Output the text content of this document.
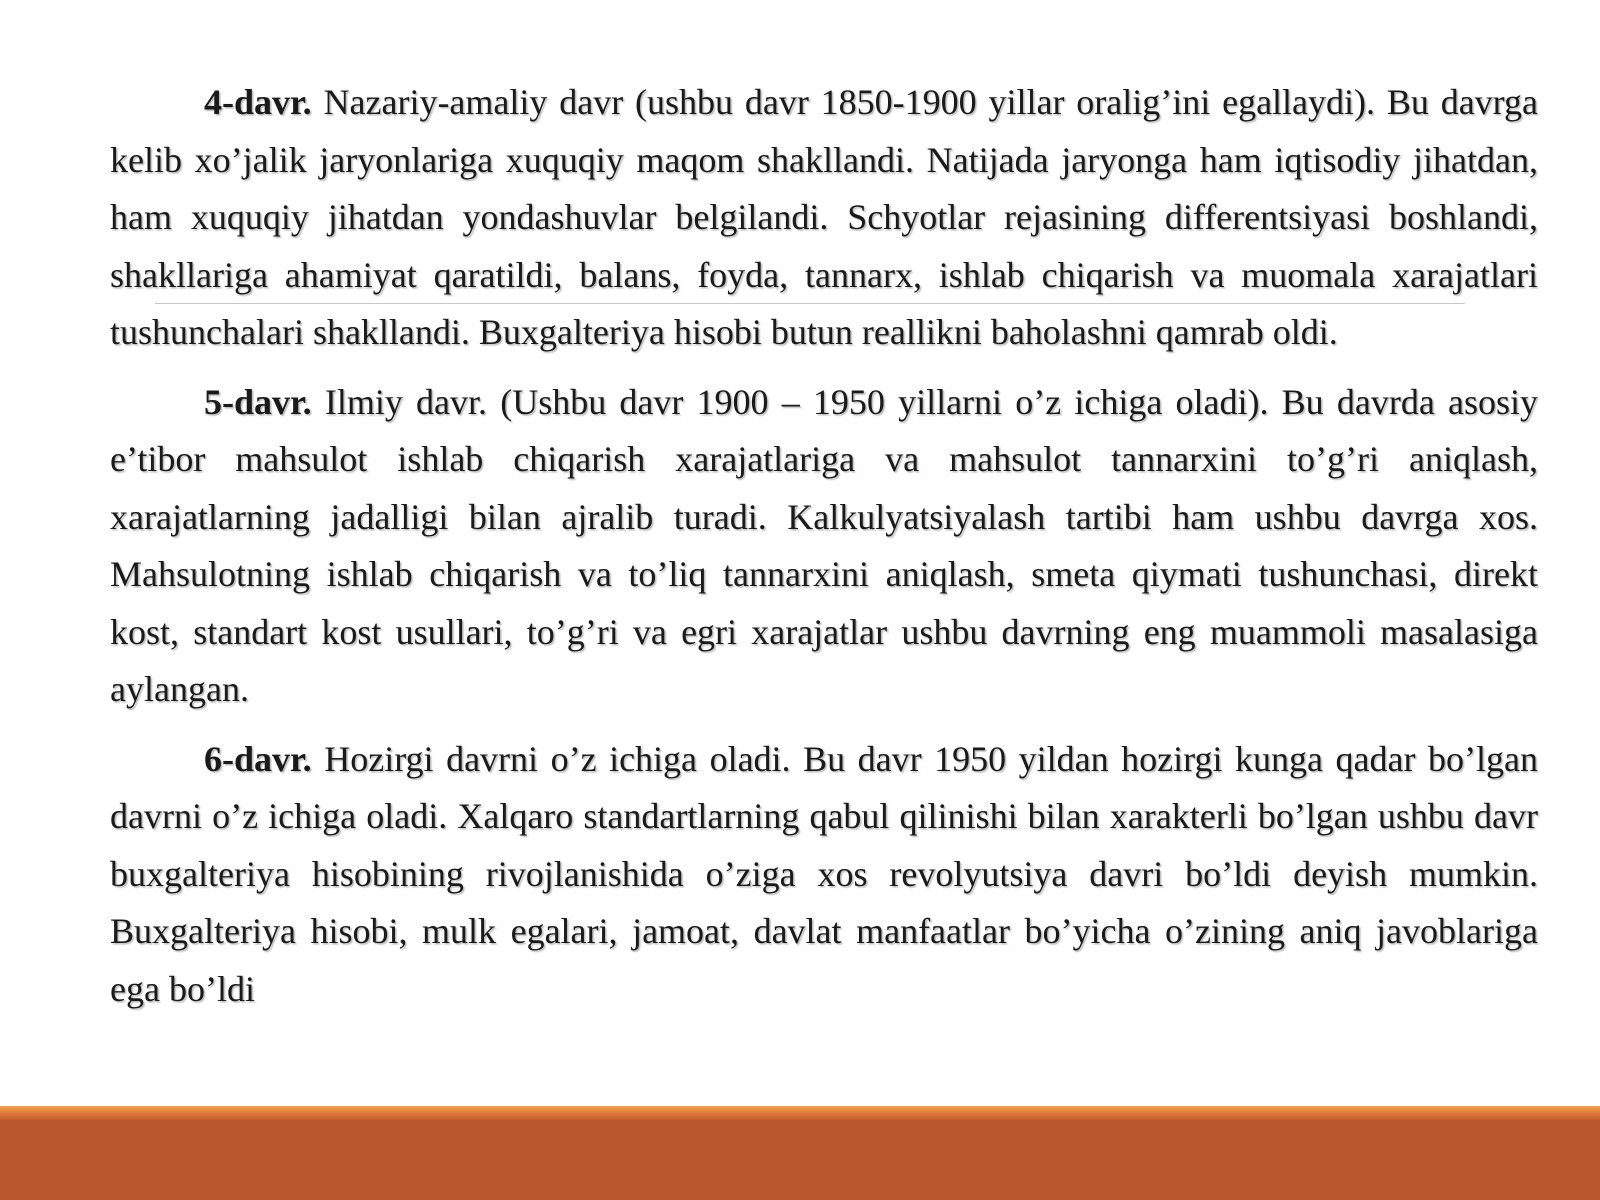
4-davr. Nazariy-amaliy davr (ushbu davr 1850-1900 yillar oralig’ini egallaydi). Bu davrga kelib xo’jalik jaryonlariga xuquqiy maqom shakllandi. Natijada jaryonga ham iqtisodiy jihatdan, ham xuquqiy jihatdan yondashuvlar belgilandi. Schyotlar rejasining differentsiyasi boshlandi, shakllariga ahamiyat qaratildi, balans, foyda, tannarx, ishlab chiqarish va muomala xarajatlari tushunchalari shakllandi. Buxgalteriya hisobi butun reallikni baholashni qamrab oldi.

5-davr. Ilmiy davr. (Ushbu davr 1900 – 1950 yillarni o’z ichiga oladi). Bu davrda asosiy e’tibor mahsulot ishlab chiqarish xarajatlariga va mahsulot tannarxini to’g’ri aniqlash, xarajatlarning jadalligi bilan ajralib turadi. Kalkulyatsiyalash tartibi ham ushbu davrga xos. Mahsulotning ishlab chiqarish va to’liq tannarxini aniqlash, smeta qiymati tushunchasi, direkt kost, standart kost usullari, to’g’ri va egri xarajatlar ushbu davrning eng muammoli masalasiga aylangan.

6-davr. Hozirgi davrni o’z ichiga oladi. Bu davr 1950 yildan hozirgi kunga qadar bo’lgan davrni o’z ichiga oladi. Xalqaro standartlarning qabul qilinishi bilan xarakterli bo’lgan ushbu davr buxgalteriya hisobining rivojlanishida o’ziga xos revolyutsiya davri bo’ldi deyish mumkin. Buxgalteriya hisobi, mulk egalari, jamoat, davlat manfaatlar bo’yicha o’zining aniq javoblariga ega bo’ldi
